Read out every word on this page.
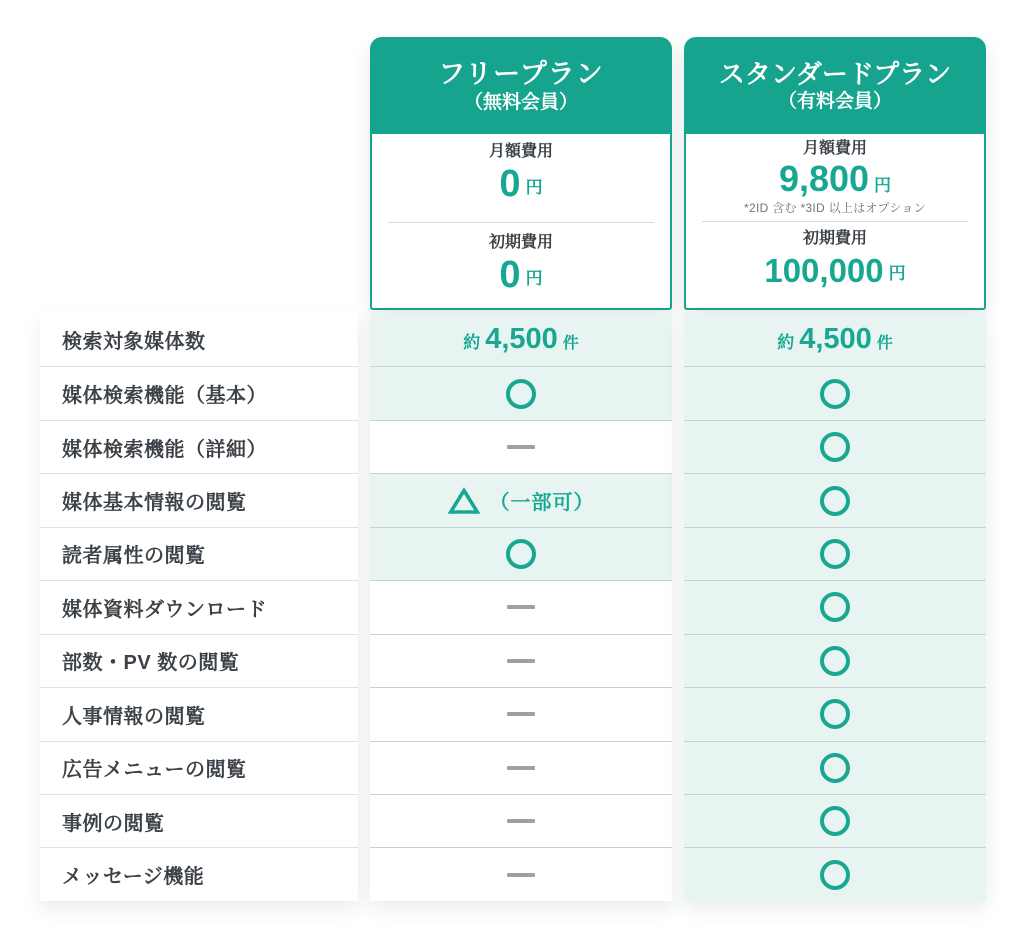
フリープラン
（無料会員）
月額費用
0 円
初期費用
0 円
スタンダードプラン
（有料会員）
月額費用
9,800 円
*2ID 含む *3ID 以上はオプション
初期費用
100,000 円
検索対象媒体数
媒体検索機能（基本）
媒体検索機能（詳細）
媒体基本情報の閲覧
読者属性の閲覧
媒体資料ダウンロード
部数・PV 数の閲覧
人事情報の閲覧
広告メニューの閲覧
事例の閲覧
メッセージ機能
約 4,500 件
（一部可）
約 4,500 件
